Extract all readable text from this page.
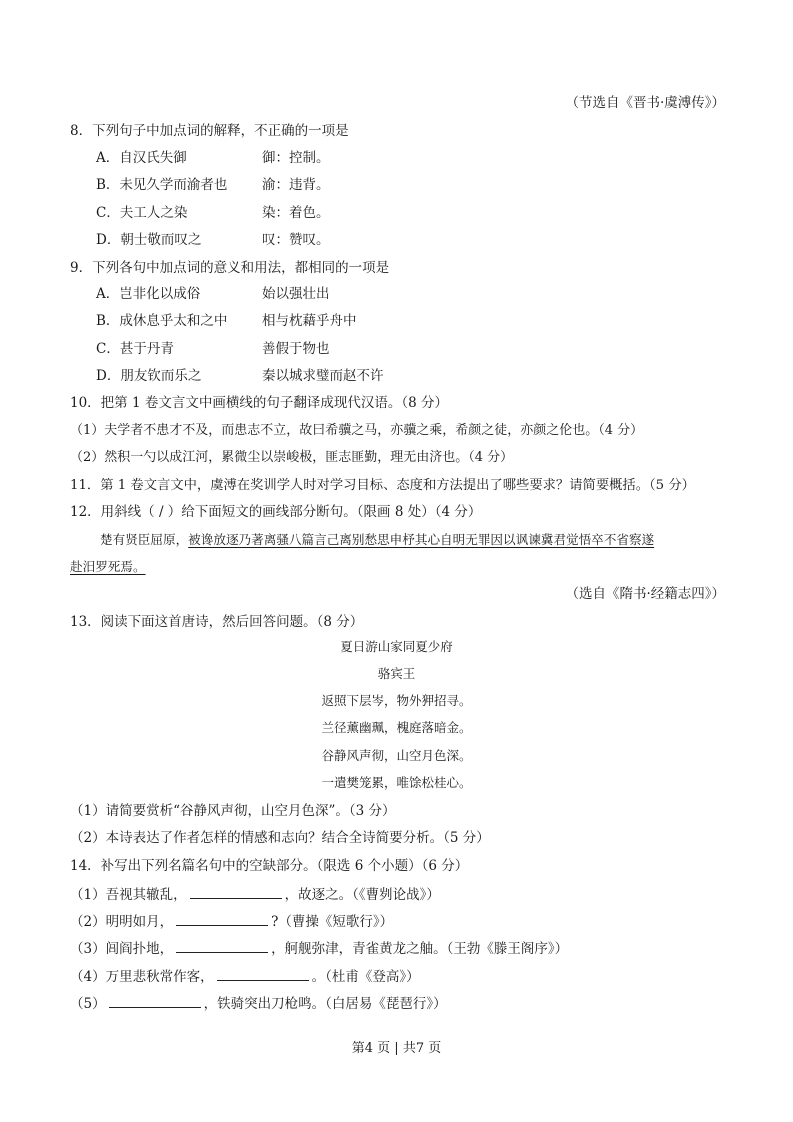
（节选自《晋书·虞溥传》）
8．下列句子中加点词的解释，不正确的一项是
A．自汉氏失御	御：控制。
B．未见久学而渝者也	渝：违背。
C．夫工人之染	染：着色。
D．朝士敬而叹之	叹：赞叹。
9．下列各句中加点词的意义和用法，都相同的一项是
A．岂非化以成俗	始以强壮出
B．成休息乎太和之中	相与枕藉乎舟中
C．甚于丹青	善假于物也
D．朋友钦而乐之	秦以城求璧而赵不许
10．把第 1 卷文言文中画横线的句子翻译成现代汉语。（8 分）
（1）夫学者不患才不及，而患志不立，故曰希骥之马，亦骥之乘，希颜之徒，亦颜之伦也。（4 分）
（2）然积一勺以成江河，累微尘以崇峻极，匪志匪勤，理无由济也。（4 分）
11．第 1 卷文言文中，虞溥在奖训学人时对学习目标、态度和方法提出了哪些要求？请简要概括。（5 分）
12．用斜线（ / ）给下面短文的画线部分断句。（限画 8 处）（4 分）
楚有贤臣屈原，被谗放逐乃著离骚八篇言己离别愁思申杼其心自明无罪因以讽谏冀君觉悟卒不省察遂
赴汨罗死焉。
（选自《隋书·经籍志四》）
13．阅读下面这首唐诗，然后回答问题。（8 分）
夏日游山家同夏少府
骆宾王
返照下层岑，物外狎招寻。
兰径薰幽珮，槐庭落暗金。
谷静风声彻，山空月色深。
一遣樊笼累，唯馀松桂心。
（1）请简要赏析“谷静风声彻，山空月色深”。（3 分）
（2）本诗表达了作者怎样的情感和志向？结合全诗简要分析。（5 分）
14．补写出下列名篇名句中的空缺部分。（限选 6 个小题）（6 分）
（1）吾视其辙乱，	，故逐之。（《曹刿论战》）
（2）明明如月，	?（曹操《短歌行》）
（3）闾阎扑地，	，舸舰弥津，青雀黄龙之舳。（王勃《滕王阁序》）
（4）万里悲秋常作客，	。（杜甫《登高》）
（5）	，铁骑突出刀枪鸣。（白居易《琵琶行》）
第4 页 | 共7 页
